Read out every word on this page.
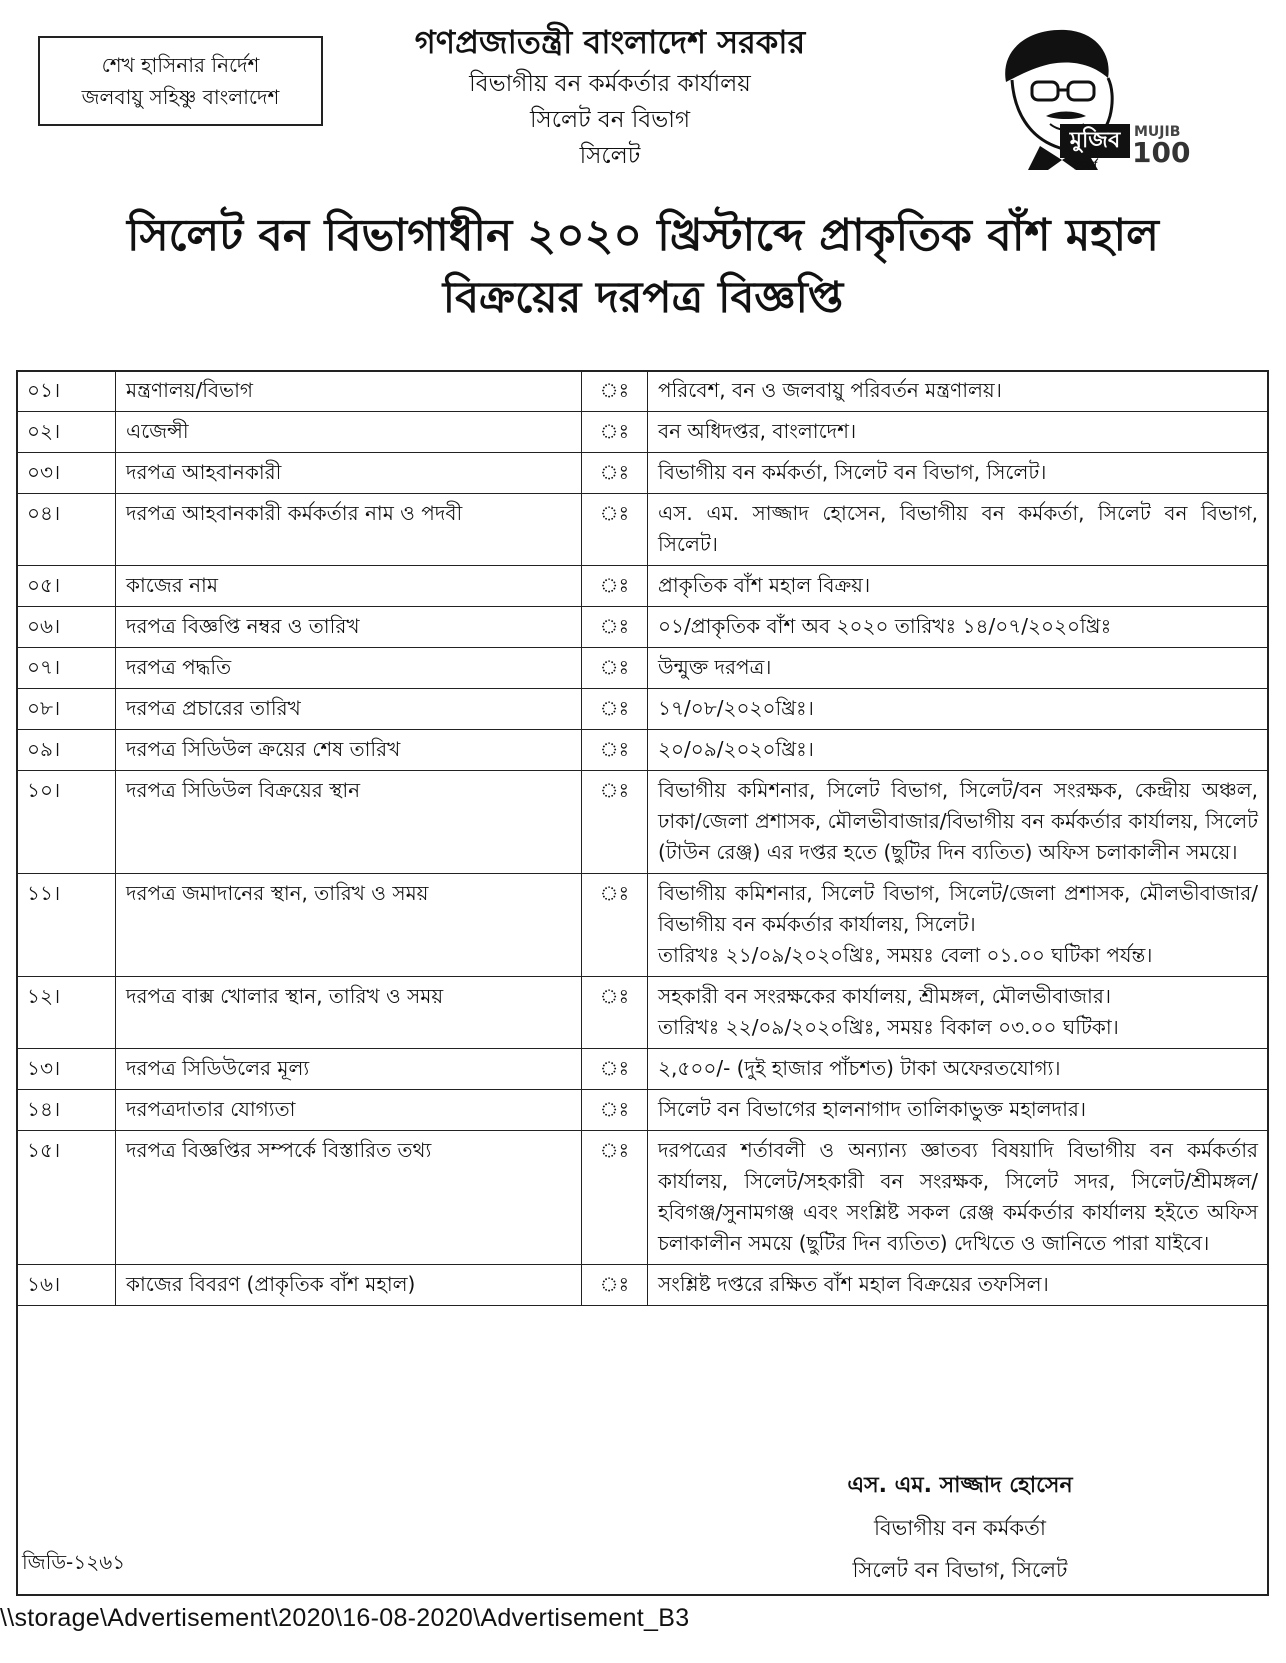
শেখ হাসিনার নির্দেশ
জলবায়ু সহিষ্ণু বাংলাদেশ
গণপ্রজাতন্ত্রী বাংলাদেশ সরকার
বিভাগীয় বন কর্মকর্তার কার্যালয়
সিলেট বন বিভাগ
সিলেট
মুজিব
শতবর্ষ
MUJIB
100
সিলেট বন বিভাগাধীন ২০২০ খ্রিস্টাব্দে প্রাকৃতিক বাঁশ মহাল
বিক্রয়ের দরপত্র বিজ্ঞপ্তি
০১।	মন্ত্রণালয়/বিভাগ	ঃ	পরিবেশ, বন ও জলবায়ু পরিবর্তন মন্ত্রণালয়।
০২।	এজেন্সী	ঃ	বন অধিদপ্তর, বাংলাদেশ।
০৩।	দরপত্র আহবানকারী	ঃ	বিভাগীয় বন কর্মকর্তা, সিলেট বন বিভাগ, সিলেট।
০৪।	দরপত্র আহবানকারী কর্মকর্তার নাম ও পদবী	ঃ	এস. এম. সাজ্জাদ হোসেন, বিভাগীয় বন কর্মকর্তা, সিলেট বন বিভাগ, সিলেট।
০৫।	কাজের নাম	ঃ	প্রাকৃতিক বাঁশ মহাল বিক্রয়।
০৬।	দরপত্র বিজ্ঞপ্তি নম্বর ও তারিখ	ঃ	০১/প্রাকৃতিক বাঁশ অব ২০২০ তারিখঃ ১৪/০৭/২০২০খ্রিঃ
০৭।	দরপত্র পদ্ধতি	ঃ	উন্মুক্ত দরপত্র।
০৮।	দরপত্র প্রচারের তারিখ	ঃ	১৭/০৮/২০২০খ্রিঃ।
০৯।	দরপত্র সিডিউল ক্রয়ের শেষ তারিখ	ঃ	২০/০৯/২০২০খ্রিঃ।
১০।	দরপত্র সিডিউল বিক্রয়ের স্থান	ঃ	বিভাগীয় কমিশনার, সিলেট বিভাগ, সিলেট/বন সংরক্ষক, কেন্দ্রীয় অঞ্চল, ঢাকা/জেলা প্রশাসক, মৌলভীবাজার/বিভাগীয় বন কর্মকর্তার কার্যালয়, সিলেট (টাউন রেঞ্জ) এর দপ্তর হতে (ছুটির দিন ব্যতিত) অফিস চলাকালীন সময়ে।
১১।	দরপত্র জমাদানের স্থান, তারিখ ও সময়	ঃ	বিভাগীয় কমিশনার, সিলেট বিভাগ, সিলেট/জেলা প্রশাসক, মৌলভীবাজার/বিভাগীয় বন কর্মকর্তার কার্যালয়, সিলেট।
তারিখঃ ২১/০৯/২০২০খ্রিঃ, সময়ঃ বেলা ০১.০০ ঘটিকা পর্যন্ত।

১২।	দরপত্র বাক্স খোলার স্থান, তারিখ ও সময়	ঃ	সহকারী বন সংরক্ষকের কার্যালয়, শ্রীমঙ্গল, মৌলভীবাজার।
তারিখঃ ২২/০৯/২০২০খ্রিঃ, সময়ঃ বিকাল ০৩.০০ ঘটিকা।

১৩।	দরপত্র সিডিউলের মূল্য	ঃ	২,৫০০/- (দুই হাজার পাঁচশত) টাকা অফেরতযোগ্য।
১৪।	দরপত্রদাতার যোগ্যতা	ঃ	সিলেট বন বিভাগের হালনাগাদ তালিকাভুক্ত মহালদার।
১৫।	দরপত্র বিজ্ঞপ্তির সম্পর্কে বিস্তারিত তথ্য	ঃ	দরপত্রের শর্তাবলী ও অন্যান্য জ্ঞাতব্য বিষয়াদি বিভাগীয় বন কর্মকর্তার কার্যালয়, সিলেট/সহকারী বন সংরক্ষক, সিলেট সদর, সিলেট/শ্রীমঙ্গল/হবিগঞ্জ/সুনামগঞ্জ এবং সংশ্লিষ্ট সকল রেঞ্জ কর্মকর্তার কার্যালয় হইতে অফিস চলাকালীন সময়ে (ছুটির দিন ব্যতিত) দেখিতে ও জানিতে পারা যাইবে।
১৬।	কাজের বিবরণ (প্রাকৃতিক বাঁশ মহাল)	ঃ	সংশ্লিষ্ট দপ্তরে রক্ষিত বাঁশ মহাল বিক্রয়ের তফসিল।
এস. এম. সাজ্জাদ হোসেন
বিভাগীয় বন কর্মকর্তা
সিলেট বন বিভাগ, সিলেট
জিডি-১২৬১
\\storage\Advertisement\2020\16-08-2020\Advertisement_B3
